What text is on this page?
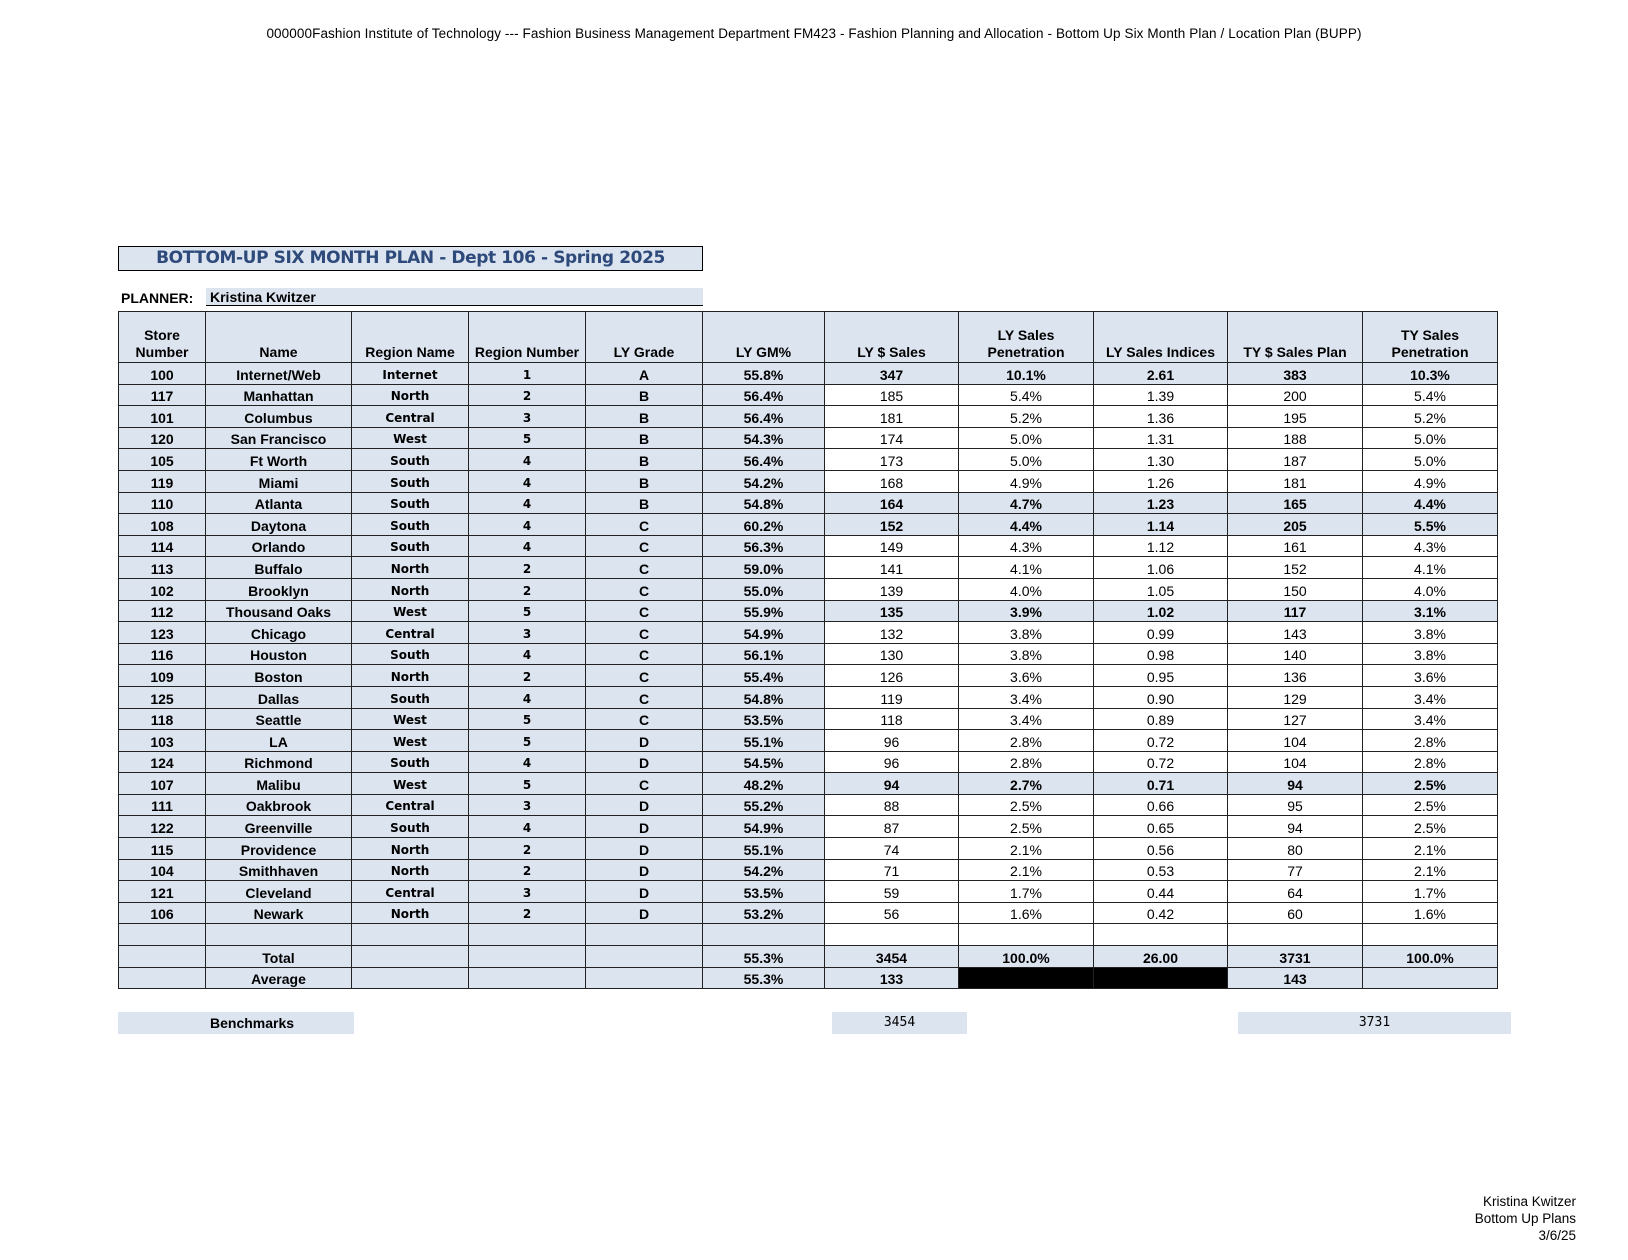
000000Fashion Institute of Technology --- Fashion Business Management Department FM423 - Fashion Planning and Allocation - Bottom Up Six Month Plan / Location Plan (BUPP)
BOTTOM-UP SIX MONTH PLAN - Dept 106 - Spring 2025
PLANNER: Kristina Kwitzer
Store
Number	Name	Region Name	Region Number	LY Grade	LY GM%	LY $ Sales	LY Sales
Penetration	LY Sales Indices	TY $ Sales Plan	TY Sales
Penetration
100	Internet/Web	Internet	1	A	55.8%	347	10.1%	2.61	383	10.3%
117	Manhattan	North	2	B	56.4%	185	5.4%	1.39	200	5.4%
101	Columbus	Central	3	B	56.4%	181	5.2%	1.36	195	5.2%
120	San Francisco	West	5	B	54.3%	174	5.0%	1.31	188	5.0%
105	Ft Worth	South	4	B	56.4%	173	5.0%	1.30	187	5.0%
119	Miami	South	4	B	54.2%	168	4.9%	1.26	181	4.9%
110	Atlanta	South	4	B	54.8%	164	4.7%	1.23	165	4.4%
108	Daytona	South	4	C	60.2%	152	4.4%	1.14	205	5.5%
114	Orlando	South	4	C	56.3%	149	4.3%	1.12	161	4.3%
113	Buffalo	North	2	C	59.0%	141	4.1%	1.06	152	4.1%
102	Brooklyn	North	2	C	55.0%	139	4.0%	1.05	150	4.0%
112	Thousand Oaks	West	5	C	55.9%	135	3.9%	1.02	117	3.1%
123	Chicago	Central	3	C	54.9%	132	3.8%	0.99	143	3.8%
116	Houston	South	4	C	56.1%	130	3.8%	0.98	140	3.8%
109	Boston	North	2	C	55.4%	126	3.6%	0.95	136	3.6%
125	Dallas	South	4	C	54.8%	119	3.4%	0.90	129	3.4%
118	Seattle	West	5	C	53.5%	118	3.4%	0.89	127	3.4%
103	LA	West	5	D	55.1%	96	2.8%	0.72	104	2.8%
124	Richmond	South	4	D	54.5%	96	2.8%	0.72	104	2.8%
107	Malibu	West	5	C	48.2%	94	2.7%	0.71	94	2.5%
111	Oakbrook	Central	3	D	55.2%	88	2.5%	0.66	95	2.5%
122	Greenville	South	4	D	54.9%	87	2.5%	0.65	94	2.5%
115	Providence	North	2	D	55.1%	74	2.1%	0.56	80	2.1%
104	Smithhaven	North	2	D	54.2%	71	2.1%	0.53	77	2.1%
121	Cleveland	Central	3	D	53.5%	59	1.7%	0.44	64	1.7%
106	Newark	North	2	D	53.2%	56	1.6%	0.42	60	1.6%

	Total				55.3%	3454	100.0%	26.00	3731	100.0%
	Average				55.3%	133			143	
Benchmarks	3454	3731
Kristina Kwitzer
Bottom Up Plans
3/6/25
